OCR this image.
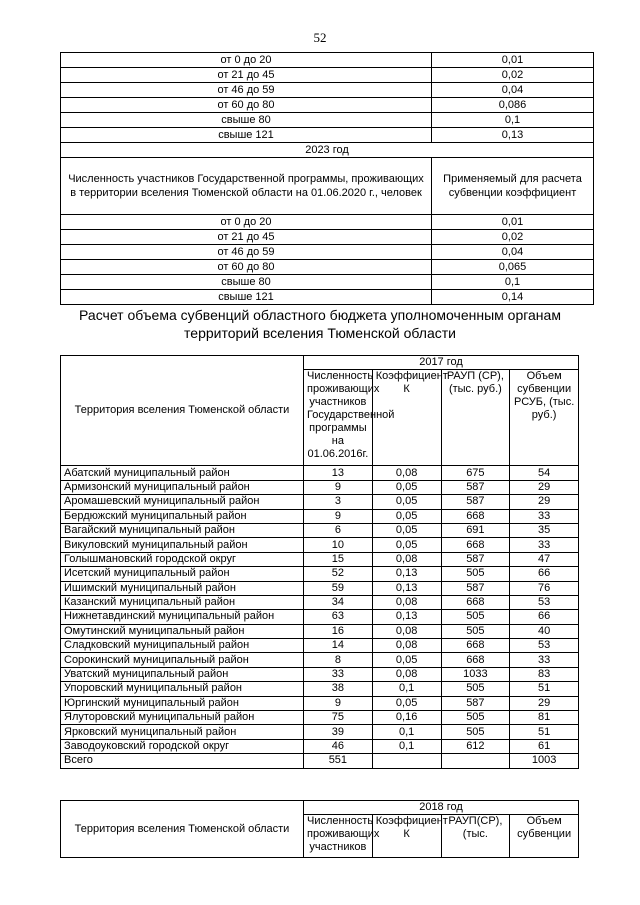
52
от 0 до 20	0,01
от 21 до 45	0,02
от 46 до 59	0,04
от 60 до 80	0,086
свыше 80	0,1
свыше 121	0,13
2023 год	
Численность участников Государственной программы, проживающих в территории вселения Тюменской области на 01.06.2020 г., человек	Применяемый для расчета субвенции коэффициент
от 0 до 20	0,01
от 21 до 45	0,02
от 46 до 59	0,04
от 60 до 80	0,065
свыше 80	0,1
свыше 121	0,14
Расчет объема субвенций областного бюджета уполномоченным органам территорий вселения Тюменской области
Территория вселения Тюменской области	2017 год			
	Численность проживающих участников Государственной программы на 01.06.2016г.	Коэффициент К	РАУП (СР), (тыс. руб.)	Объем субвенции РСУБ, (тыс. руб.)
Абатский муниципальный район	13	0,08	675	54
Армизонский муниципальный район	9	0,05	587	29
Аромашевский муниципальный район	3	0,05	587	29
Бердюжский муниципальный район	9	0,05	668	33
Вагайский муниципальный район	6	0,05	691	35
Викуловский муниципальный район	10	0,05	668	33
Голышмановский городской округ	15	0,08	587	47
Исетский муниципальный район	52	0,13	505	66
Ишимский муниципальный район	59	0,13	587	76
Казанский муниципальный район	34	0,08	668	53
Нижнетавдинский муниципальный район	63	0,13	505	66
Омутинский муниципальный район	16	0,08	505	40
Сладковский муниципальный район	14	0,08	668	53
Сорокинский муниципальный район	8	0,05	668	33
Уватский муниципальный район	33	0,08	1033	83
Упоровский муниципальный район	38	0,1	505	51
Юргинский муниципальный район	9	0,05	587	29
Ялуторовский муниципальный район	75	0,16	505	81
Ярковский муниципальный район	39	0,1	505	51
Заводоуковский городской округ	46	0,1	612	61
Всего	551			1003
Территория вселения Тюменской области	2018 год			
	Численность проживающих участников	Коэффициент К	РАУП(СР), (тыс.	Объем субвенции
